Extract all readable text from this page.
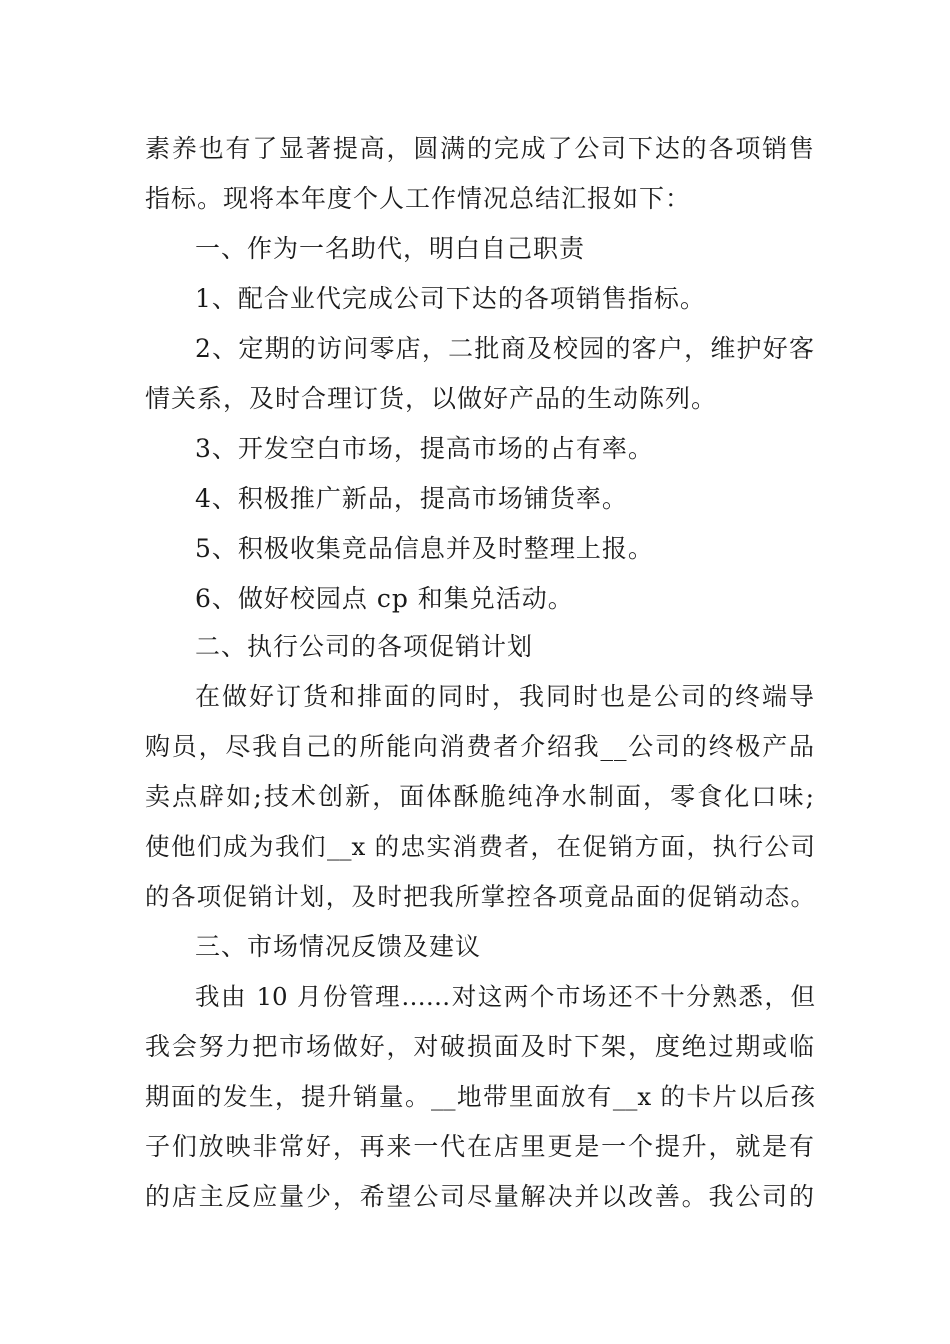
素养也有了显著提高，圆满的完成了公司下达的各项销售
指标。现将本年度个人工作情况总结汇报如下：
一、作为一名助代，明白自己职责
1、配合业代完成公司下达的各项销售指标。
2、定期的访问零店，二批商及校园的客户，维护好客
情关系，及时合理订货，以做好产品的生动陈列。
3、开发空白市场，提高市场的占有率。
4、积极推广新品，提高市场铺货率。
5、积极收集竞品信息并及时整理上报。
6、做好校园点 cp 和集兑活动。
二、执行公司的各项促销计划
在做好订货和排面的同时，我同时也是公司的终端导
购员，尽我自己的所能向消费者介绍我__公司的终极产品
卖点辟如;技术创新，面体酥脆纯净水制面，零食化口味;
使他们成为我们__x 的忠实消费者，在促销方面，执行公司
的各项促销计划，及时把我所掌控各项竟品面的促销动态。
三、市场情况反馈及建议
我由 10 月份管理……对这两个市场还不十分熟悉，但
我会努力把市场做好，对破损面及时下架，度绝过期或临
期面的发生，提升销量。__地带里面放有__x 的卡片以后孩
子们放映非常好，再来一代在店里更是一个提升，就是有
的店主反应量少，希望公司尽量解决并以改善。我公司的
